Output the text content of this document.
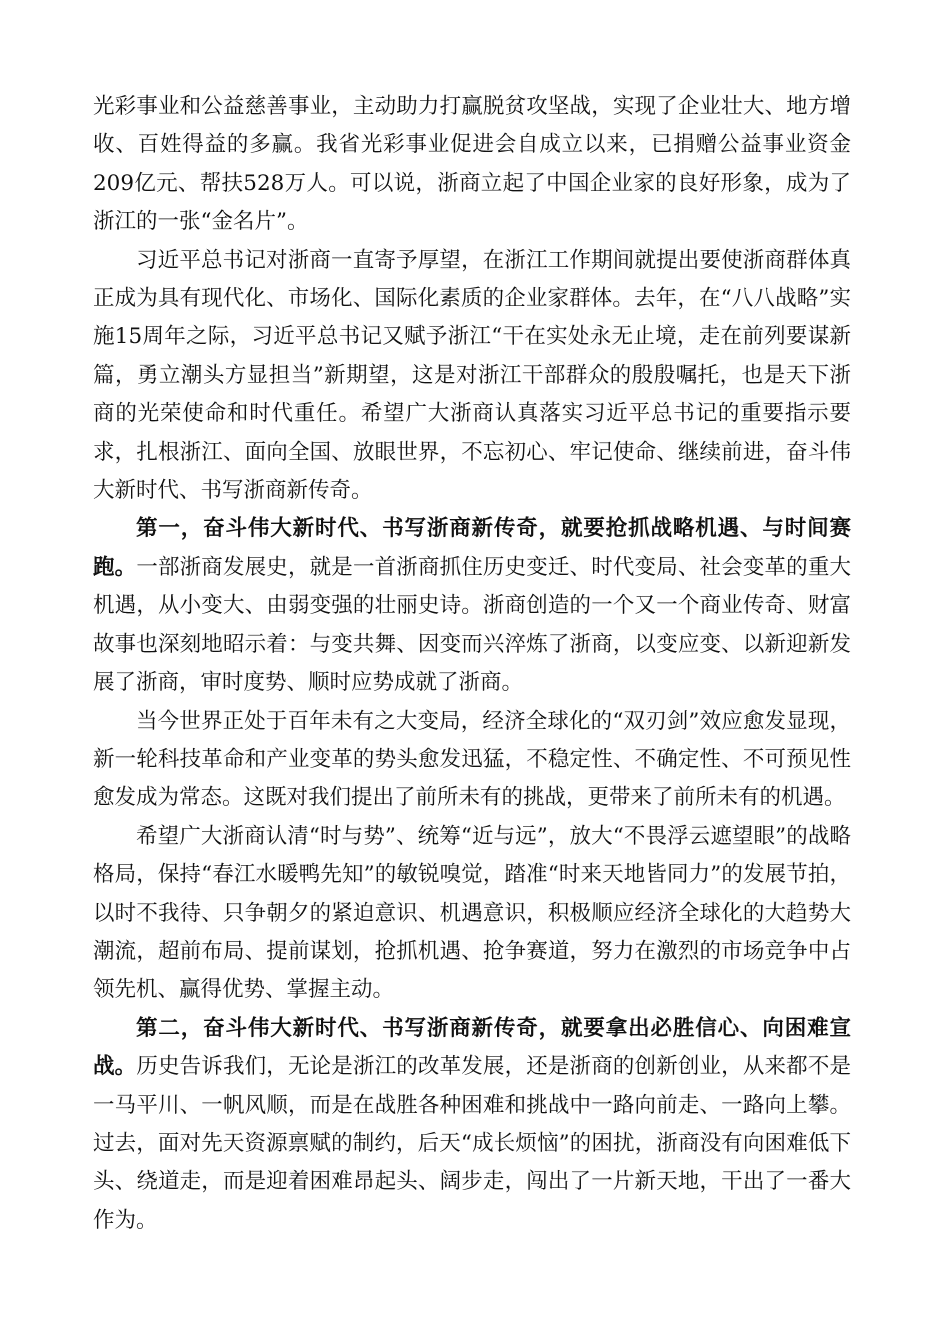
光彩事业和公益慈善事业，主动助力打赢脱贫攻坚战，实现了企业壮大、地方增收、百姓得益的多赢。我省光彩事业促进会自成立以来，已捐赠公益事业资金209亿元、帮扶528万人。可以说，浙商立起了中国企业家的良好形象，成为了浙江的一张“金名片”。

习近平总书记对浙商一直寄予厚望，在浙江工作期间就提出要使浙商群体真正成为具有现代化、市场化、国际化素质的企业家群体。去年，在“八八战略”实施15周年之际，习近平总书记又赋予浙江“干在实处永无止境，走在前列要谋新篇，勇立潮头方显担当”新期望，这是对浙江干部群众的殷殷嘱托，也是天下浙商的光荣使命和时代重任。希望广大浙商认真落实习近平总书记的重要指示要求，扎根浙江、面向全国、放眼世界，不忘初心、牢记使命、继续前进，奋斗伟大新时代、书写浙商新传奇。

第一，奋斗伟大新时代、书写浙商新传奇，就要抢抓战略机遇、与时间赛跑。一部浙商发展史，就是一首浙商抓住历史变迁、时代变局、社会变革的重大机遇，从小变大、由弱变强的壮丽史诗。浙商创造的一个又一个商业传奇、财富故事也深刻地昭示着：与变共舞、因变而兴淬炼了浙商，以变应变、以新迎新发展了浙商，审时度势、顺时应势成就了浙商。

当今世界正处于百年未有之大变局，经济全球化的“双刃剑”效应愈发显现，新一轮科技革命和产业变革的势头愈发迅猛，不稳定性、不确定性、不可预见性愈发成为常态。这既对我们提出了前所未有的挑战，更带来了前所未有的机遇。

希望广大浙商认清“时与势”、统筹“近与远”，放大“不畏浮云遮望眼”的战略格局，保持“春江水暖鸭先知”的敏锐嗅觉，踏准“时来天地皆同力”的发展节拍，以时不我待、只争朝夕的紧迫意识、机遇意识，积极顺应经济全球化的大趋势大潮流，超前布局、提前谋划，抢抓机遇、抢争赛道，努力在激烈的市场竞争中占领先机、赢得优势、掌握主动。

第二，奋斗伟大新时代、书写浙商新传奇，就要拿出必胜信心、向困难宣战。历史告诉我们，无论是浙江的改革发展，还是浙商的创新创业，从来都不是一马平川、一帆风顺，而是在战胜各种困难和挑战中一路向前走、一路向上攀。过去，面对先天资源禀赋的制约，后天“成长烦恼”的困扰，浙商没有向困难低下头、绕道走，而是迎着困难昂起头、阔步走，闯出了一片新天地，干出了一番大作为。
